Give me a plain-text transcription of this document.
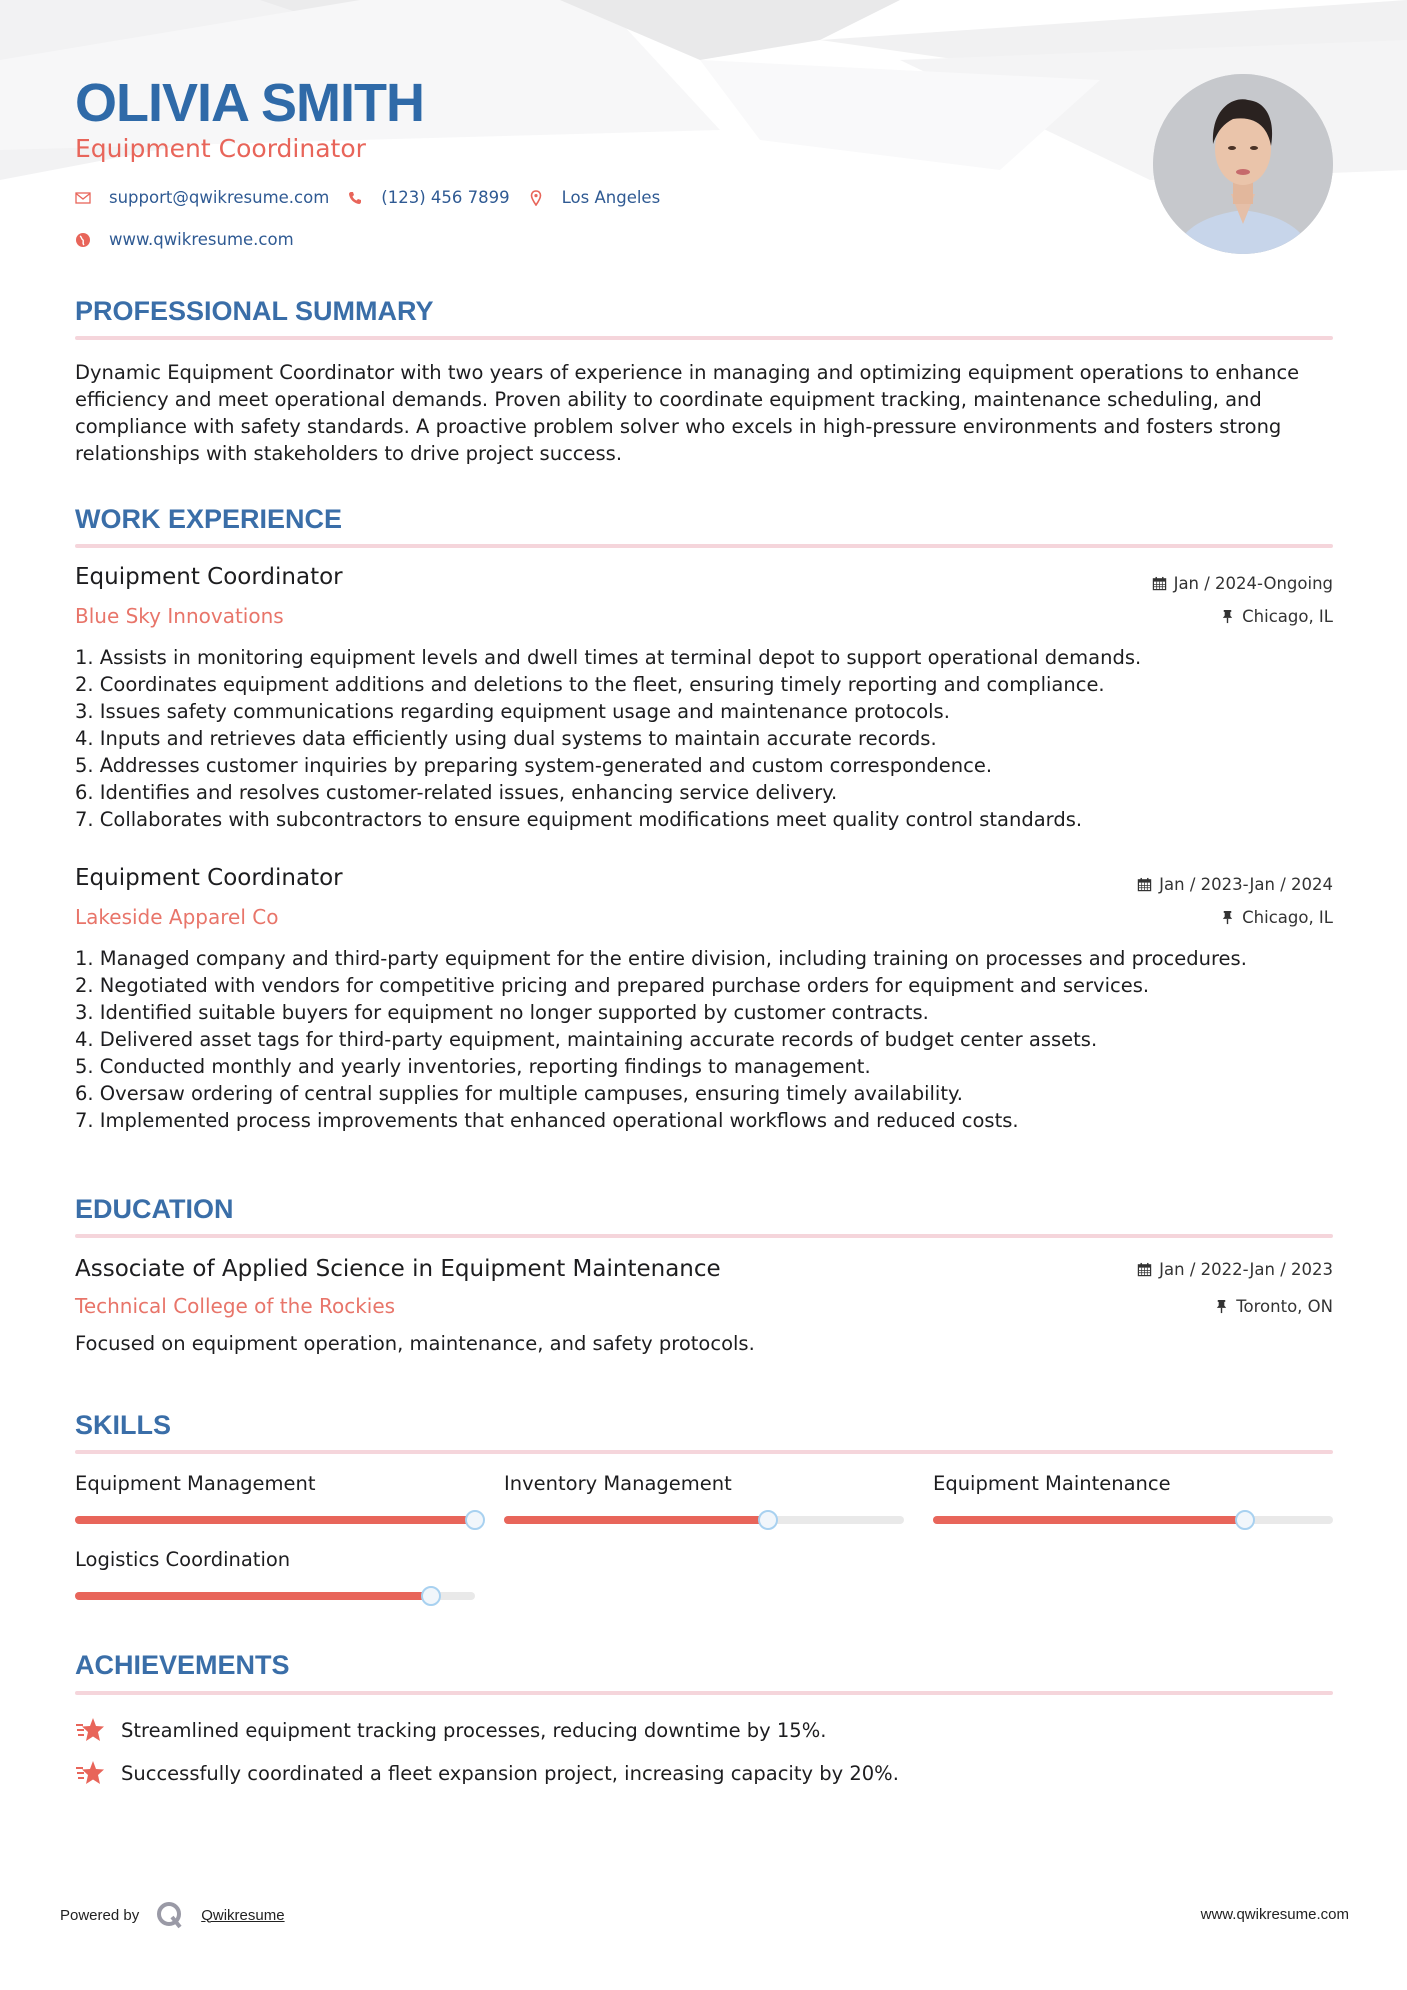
OLIVIA SMITH
Equipment Coordinator
support@qwikresume.com	(123) 456 7899	Los Angeles
www.qwikresume.com
PROFESSIONAL SUMMARY
Dynamic Equipment Coordinator with two years of experience in managing and optimizing equipment operations to enhance efficiency and meet operational demands. Proven ability to coordinate equipment tracking, maintenance scheduling, and compliance with safety standards. A proactive problem solver who excels in high-pressure environments and fosters strong relationships with stakeholders to drive project success.
WORK EXPERIENCE
Equipment Coordinator	Jan / 2024-Ongoing
Blue Sky Innovations	Chicago, IL
1. Assists in monitoring equipment levels and dwell times at terminal depot to support operational demands.
2. Coordinates equipment additions and deletions to the fleet, ensuring timely reporting and compliance.
3. Issues safety communications regarding equipment usage and maintenance protocols.
4. Inputs and retrieves data efficiently using dual systems to maintain accurate records.
5. Addresses customer inquiries by preparing system-generated and custom correspondence.
6. Identifies and resolves customer-related issues, enhancing service delivery.
7. Collaborates with subcontractors to ensure equipment modifications meet quality control standards.
Equipment Coordinator	Jan / 2023-Jan / 2024
Lakeside Apparel Co	Chicago, IL
1. Managed company and third-party equipment for the entire division, including training on processes and procedures.
2. Negotiated with vendors for competitive pricing and prepared purchase orders for equipment and services.
3. Identified suitable buyers for equipment no longer supported by customer contracts.
4. Delivered asset tags for third-party equipment, maintaining accurate records of budget center assets.
5. Conducted monthly and yearly inventories, reporting findings to management.
6. Oversaw ordering of central supplies for multiple campuses, ensuring timely availability.
7. Implemented process improvements that enhanced operational workflows and reduced costs.
EDUCATION
Associate of Applied Science in Equipment Maintenance	Jan / 2022-Jan / 2023
Technical College of the Rockies	Toronto, ON
Focused on equipment operation, maintenance, and safety protocols.
SKILLS
Equipment Management	Inventory Management	Equipment Maintenance
Logistics Coordination
ACHIEVEMENTS
Streamlined equipment tracking processes, reducing downtime by 15%.
Successfully coordinated a fleet expansion project, increasing capacity by 20%.
Powered by	Qwikresume	www.qwikresume.com
